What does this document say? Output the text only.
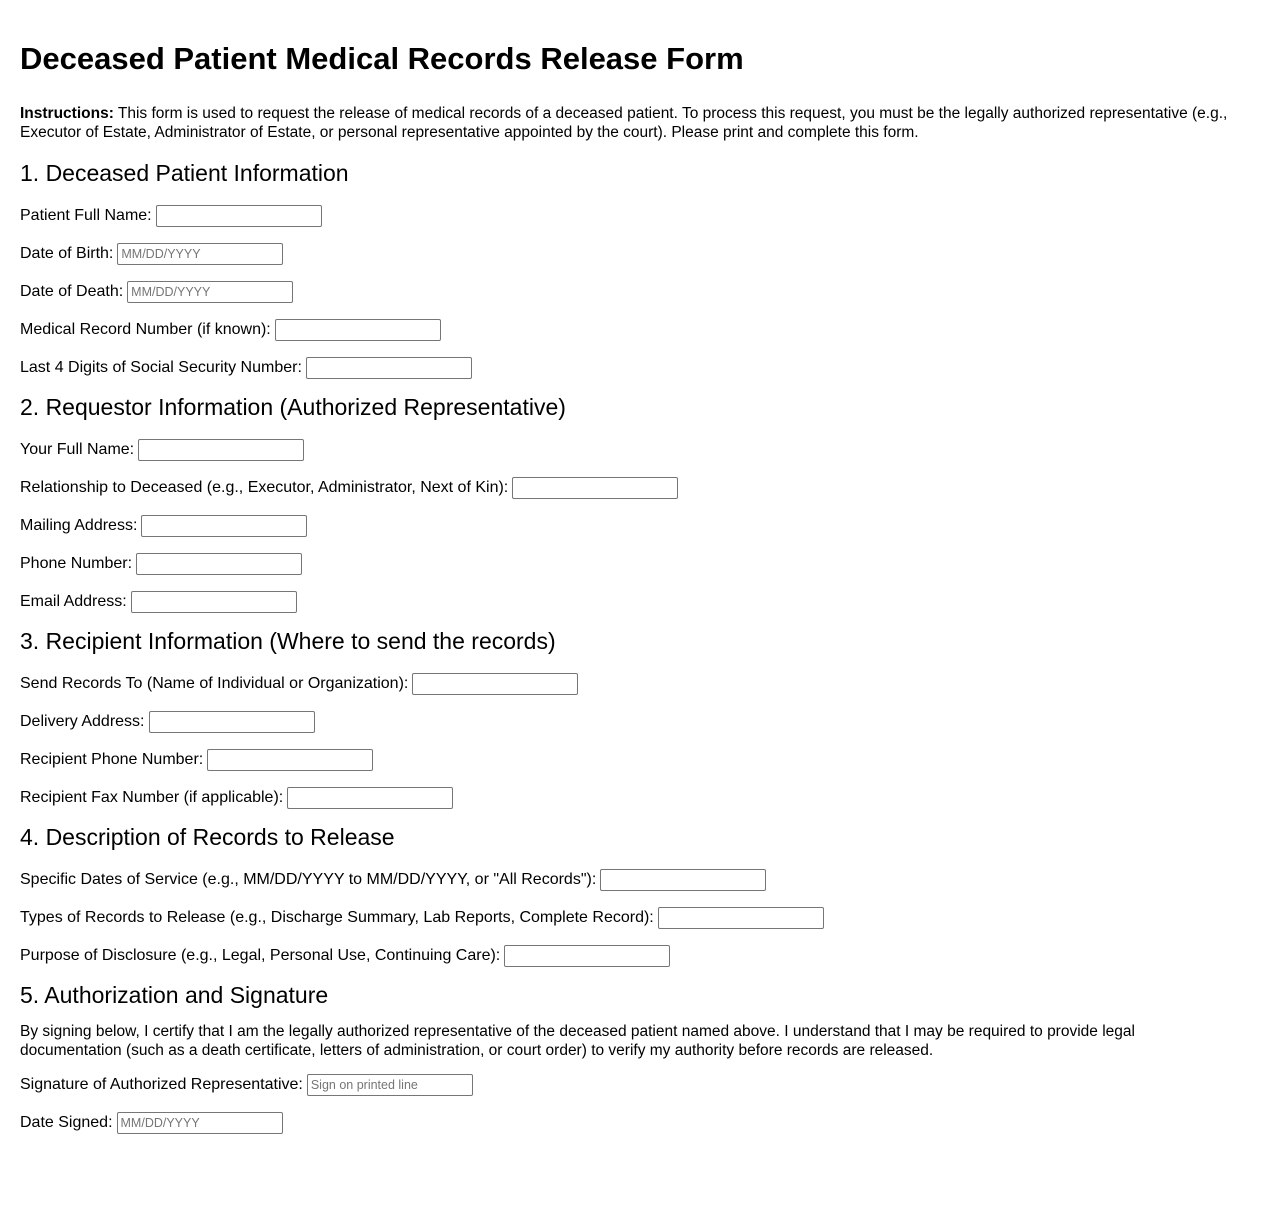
Deceased Patient Medical Records Release Form

Instructions: This form is used to request the release of medical records of a deceased patient. To process this request, you must be the legally authorized representative (e.g., Executor of Estate, Administrator of Estate, or personal representative appointed by the court). Please print and complete this form.

1. Deceased Patient Information
Patient Full Name:
Date of Birth:
MM/DD/YYYY
Date of Death:
MM/DD/YYYY
Medical Record Number (if known):
Last 4 Digits of Social Security Number:
2. Requestor Information (Authorized Representative)
Your Full Name:
Relationship to Deceased (e.g., Executor, Administrator, Next of Kin):
Mailing Address:
Phone Number:
Email Address:
3. Recipient Information (Where to send the records)
Send Records To (Name of Individual or Organization):
Delivery Address:
Recipient Phone Number:
Recipient Fax Number (if applicable):
4. Description of Records to Release
Specific Dates of Service (e.g., MM/DD/YYYY to MM/DD/YYYY, or "All Records"):
Types of Records to Release (e.g., Discharge Summary, Lab Reports, Complete Record):
Purpose of Disclosure (e.g., Legal, Personal Use, Continuing Care):
5. Authorization and Signature

By signing below, I certify that I am the legally authorized representative of the deceased patient named above. I understand that I may be required to provide legal documentation (such as a death certificate, letters of administration, or court order) to verify my authority before records are released.

Signature of Authorized Representative:
Sign on printed line
Date Signed:
MM/DD/YYYY
